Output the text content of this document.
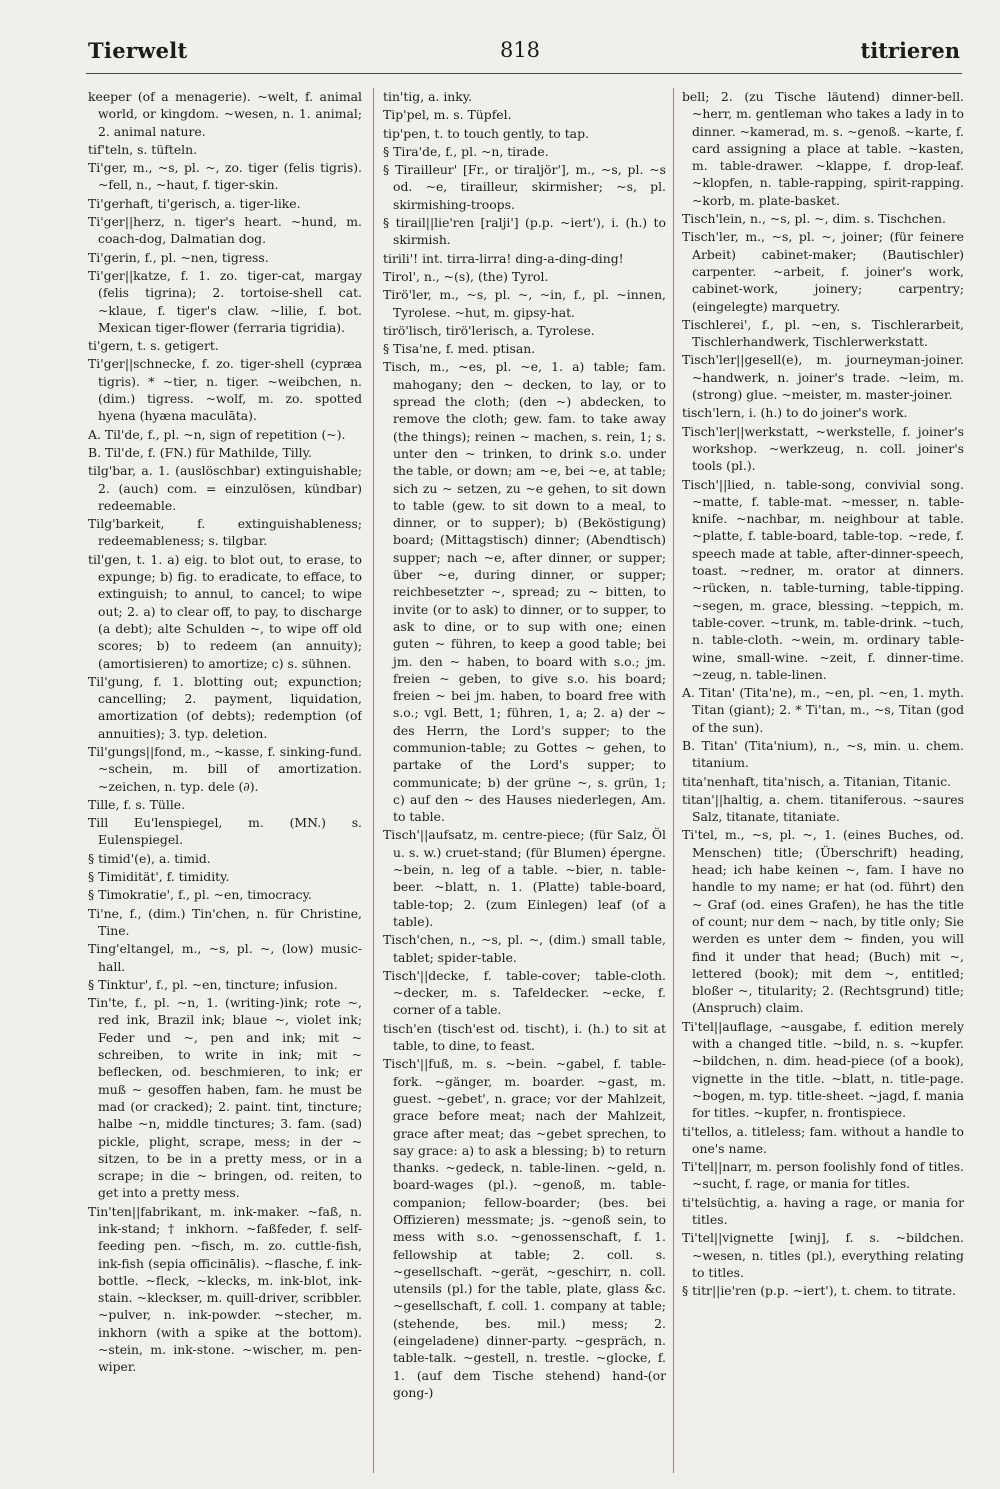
Tierwelt	818	titrieren

keeper (of a menagerie). ~welt, f. animal world, or kingdom. ~wesen, n. 1. animal; 2. animal nature.

tif'teln, s. tüfteln.

Ti'ger, m., ~s, pl. ~, zo. tiger (felis tigris). ~fell, n., ~haut, f. tiger-skin.

Ti'gerhaft, ti'gerisch, a. tiger-like.

Ti'ger||herz, n. tiger's heart. ~hund, m. coach-dog, Dalmatian dog.

Ti'gerin, f., pl. ~nen, tigress.

Ti'ger||katze, f. 1. zo. tiger-cat, margay (felis tigrina); 2. tortoise-shell cat. ~klaue, f. tiger's claw. ~lilie, f. bot. Mexican tiger-flower (ferraria tigridia).

ti'gern, t. s. getigert.

Ti'ger||schnecke, f. zo. tiger-shell (cypræa tigris). * ~tier, n. tiger. ~weibchen, n. (dim.) tigress. ~wolf, m. zo. spotted hyena (hyæna maculāta).

A. Til'de, f., pl. ~n, sign of repetition (~).

B. Til'de, f. (FN.) für Mathilde, Tilly.

tilg'bar, a. 1. (auslöschbar) extinguishable; 2. (auch) com. = einzulösen, kündbar) redeemable.

Tilg'barkeit, f. extinguishableness; redeemableness; s. tilgbar.

til'gen, t. 1. a) eig. to blot out, to erase, to expunge; b) fig. to eradicate, to efface, to extinguish; to annul, to cancel; to wipe out; 2. a) to clear off, to pay, to discharge (a debt); alte Schulden ~, to wipe off old scores; b) to redeem (an annuity); (amortisieren) to amortize; c) s. sühnen.

Til'gung, f. 1. blotting out; expunction; cancelling; 2. payment, liquidation, amortization (of debts); redemption (of annuities); 3. typ. deletion.

Til'gungs||fond, m., ~kasse, f. sinking-fund. ~schein, m. bill of amortization. ~zeichen, n. typ. dele (∂).

Tille, f. s. Tülle.

Till Eu'lenspiegel, m. (MN.) s. Eulenspiegel.

§ timid'(e), a. timid.

§ Timidität', f. timidity.

§ Timokratie', f., pl. ~en, timocracy.

Ti'ne, f., (dim.) Tin'chen, n. für Christine, Tine.

Ting'eltangel, m., ~s, pl. ~, (low) music-hall.

§ Tinktur', f., pl. ~en, tincture; infusion.

Tin'te, f., pl. ~n, 1. (writing-)ink; rote ~, red ink, Brazil ink; blaue ~, violet ink; Feder und ~, pen and ink; mit ~ schreiben, to write in ink; mit ~ beflecken, od. beschmieren, to ink; er muß ~ gesoffen haben, fam. he must be mad (or cracked); 2. paint. tint, tincture; halbe ~n, middle tinctures; 3. fam. (sad) pickle, plight, scrape, mess; in der ~ sitzen, to be in a pretty mess, or in a scrape; in die ~ bringen, od. reiten, to get into a pretty mess.

Tin'ten||fabrikant, m. ink-maker. ~faß, n. ink-stand; † inkhorn. ~faßfeder, f. self-feeding pen. ~fisch, m. zo. cuttle-fish, ink-fish (sepia officinālis). ~flasche, f. ink-bottle. ~fleck, ~klecks, m. ink-blot, ink-stain. ~kleckser, m. quill-driver, scribbler. ~pulver, n. ink-powder. ~stecher, m. inkhorn (with a spike at the bottom). ~stein, m. ink-stone. ~wischer, m. pen-wiper.

tin'tig, a. inky.

Tip'pel, m. s. Tüpfel.

tip'pen, t. to touch gently, to tap.

§ Tira'de, f., pl. ~n, tirade.

§ Tirailleur' [Fr., or tiraljör'], m., ~s, pl. ~s od. ~e, tirailleur, skirmisher; ~s, pl. skirmishing-troops.

§ tirail||lie'ren [ralji'] (p.p. ~iert'), i. (h.) to skirmish.

tirili'! int. tirra-lirra! ding-a-ding-ding!

Tirol', n., ~(s), (the) Tyrol.

Tirö'ler, m., ~s, pl. ~, ~in, f., pl. ~innen, Tyrolese. ~hut, m. gipsy-hat.

tirö'lisch, tirö'lerisch, a. Tyrolese.

§ Tisa'ne, f. med. ptisan.

Tisch, m., ~es, pl. ~e, 1. a) table; fam. mahogany; den ~ decken, to lay, or to spread the cloth; (den ~) abdecken, to remove the cloth; gew. fam. to take away (the things); reinen ~ machen, s. rein, 1; s. unter den ~ trinken, to drink s.o. under the table, or down; am ~e, bei ~e, at table; sich zu ~ setzen, zu ~e gehen, to sit down to table (gew. to sit down to a meal, to dinner, or to supper); b) (Beköstigung) board; (Mittagstisch) dinner; (Abendtisch) supper; nach ~e, after dinner, or supper; über ~e, during dinner, or supper; reichbesetzter ~, spread; zu ~ bitten, to invite (or to ask) to dinner, or to supper, to ask to dine, or to sup with one; einen guten ~ führen, to keep a good table; bei jm. den ~ haben, to board with s.o.; jm. freien ~ geben, to give s.o. his board; freien ~ bei jm. haben, to board free with s.o.; vgl. Bett, 1; führen, 1, a; 2. a) der ~ des Herrn, the Lord's supper; to the communion-table; zu Gottes ~ gehen, to partake of the Lord's supper; to communicate; b) der grüne ~, s. grün, 1; c) auf den ~ des Hauses niederlegen, Am. to table.

Tisch'||aufsatz, m. centre-piece; (für Salz, Öl u. s. w.) cruet-stand; (für Blumen) épergne. ~bein, n. leg of a table. ~bier, n. table-beer. ~blatt, n. 1. (Platte) table-board, table-top; 2. (zum Einlegen) leaf (of a table).

Tisch'chen, n., ~s, pl. ~, (dim.) small table, tablet; spider-table.

Tisch'||decke, f. table-cover; table-cloth. ~decker, m. s. Tafeldecker. ~ecke, f. corner of a table.

tisch'en (tisch'est od. tischt), i. (h.) to sit at table, to dine, to feast.

Tisch'||fuß, m. s. ~bein. ~gabel, f. table-fork. ~gänger, m. boarder. ~gast, m. guest. ~gebet', n. grace; vor der Mahlzeit, grace before meat; nach der Mahlzeit, grace after meat; das ~gebet sprechen, to say grace: a) to ask a blessing; b) to return thanks. ~gedeck, n. table-linen. ~geld, n. board-wages (pl.). ~genoß, m. table-companion; fellow-boarder; (bes. bei Offizieren) messmate; js. ~genoß sein, to mess with s.o. ~genossenschaft, f. 1. fellowship at table; 2. coll. s. ~gesellschaft. ~gerät, ~geschirr, n. coll. utensils (pl.) for the table, plate, glass &c. ~gesellschaft, f. coll. 1. company at table; (stehende, bes. mil.) mess; 2. (eingeladene) dinner-party. ~gespräch, n. table-talk. ~gestell, n. trestle. ~glocke, f. 1. (auf dem Tische stehend) hand-(or gong-)

bell; 2. (zu Tische läutend) dinner-bell. ~herr, m. gentleman who takes a lady in to dinner. ~kamerad, m. s. ~genoß. ~karte, f. card assigning a place at table. ~kasten, m. table-drawer. ~klappe, f. drop-leaf. ~klopfen, n. table-rapping, spirit-rapping. ~korb, m. plate-basket.

Tisch'lein, n., ~s, pl. ~, dim. s. Tischchen.

Tisch'ler, m., ~s, pl. ~, joiner; (für feinere Arbeit) cabinet-maker; (Bautischler) carpenter. ~arbeit, f. joiner's work, cabinet-work, joinery; carpentry; (eingelegte) marquetry.

Tischlerei', f., pl. ~en, s. Tischlerarbeit, Tischlerhandwerk, Tischlerwerkstatt.

Tisch'ler||gesell(e), m. journeyman-joiner. ~handwerk, n. joiner's trade. ~leim, m. (strong) glue. ~meister, m. master-joiner.

tisch'lern, i. (h.) to do joiner's work.

Tisch'ler||werkstatt, ~werkstelle, f. joiner's workshop. ~werkzeug, n. coll. joiner's tools (pl.).

Tisch'||lied, n. table-song, convivial song. ~matte, f. table-mat. ~messer, n. table-knife. ~nachbar, m. neighbour at table. ~platte, f. table-board, table-top. ~rede, f. speech made at table, after-dinner-speech, toast. ~redner, m. orator at dinners. ~rücken, n. table-turning, table-tipping. ~segen, m. grace, blessing. ~teppich, m. table-cover. ~trunk, m. table-drink. ~tuch, n. table-cloth. ~wein, m. ordinary table-wine, small-wine. ~zeit, f. dinner-time. ~zeug, n. table-linen.

A. Titan' (Tita'ne), m., ~en, pl. ~en, 1. myth. Titan (giant); 2. * Ti'tan, m., ~s, Titan (god of the sun).

B. Titan' (Tita'nium), n., ~s, min. u. chem. titanium.

tita'nenhaft, tita'nisch, a. Titanian, Titanic.

titan'||haltig, a. chem. titaniferous. ~saures Salz, titanate, titaniate.

Ti'tel, m., ~s, pl. ~, 1. (eines Buches, od. Menschen) title; (Überschrift) heading, head; ich habe keinen ~, fam. I have no handle to my name; er hat (od. führt) den ~ Graf (od. eines Grafen), he has the title of count; nur dem ~ nach, by title only; Sie werden es unter dem ~ finden, you will find it under that head; (Buch) mit ~, lettered (book); mit dem ~, entitled; bloßer ~, titularity; 2. (Rechtsgrund) title; (Anspruch) claim.

Ti'tel||auflage, ~ausgabe, f. edition merely with a changed title. ~bild, n. s. ~kupfer. ~bildchen, n. dim. head-piece (of a book), vignette in the title. ~blatt, n. title-page. ~bogen, m. typ. title-sheet. ~jagd, f. mania for titles. ~kupfer, n. frontispiece.

ti'tellos, a. titleless; fam. without a handle to one's name.

Ti'tel||narr, m. person foolishly fond of titles. ~sucht, f. rage, or mania for titles.

ti'telsüchtig, a. having a rage, or mania for titles.

Ti'tel||vignette [winj], f. s. ~bildchen. ~wesen, n. titles (pl.), everything relating to titles.

§ titr||ie'ren (p.p. ~iert'), t. chem. to titrate.
